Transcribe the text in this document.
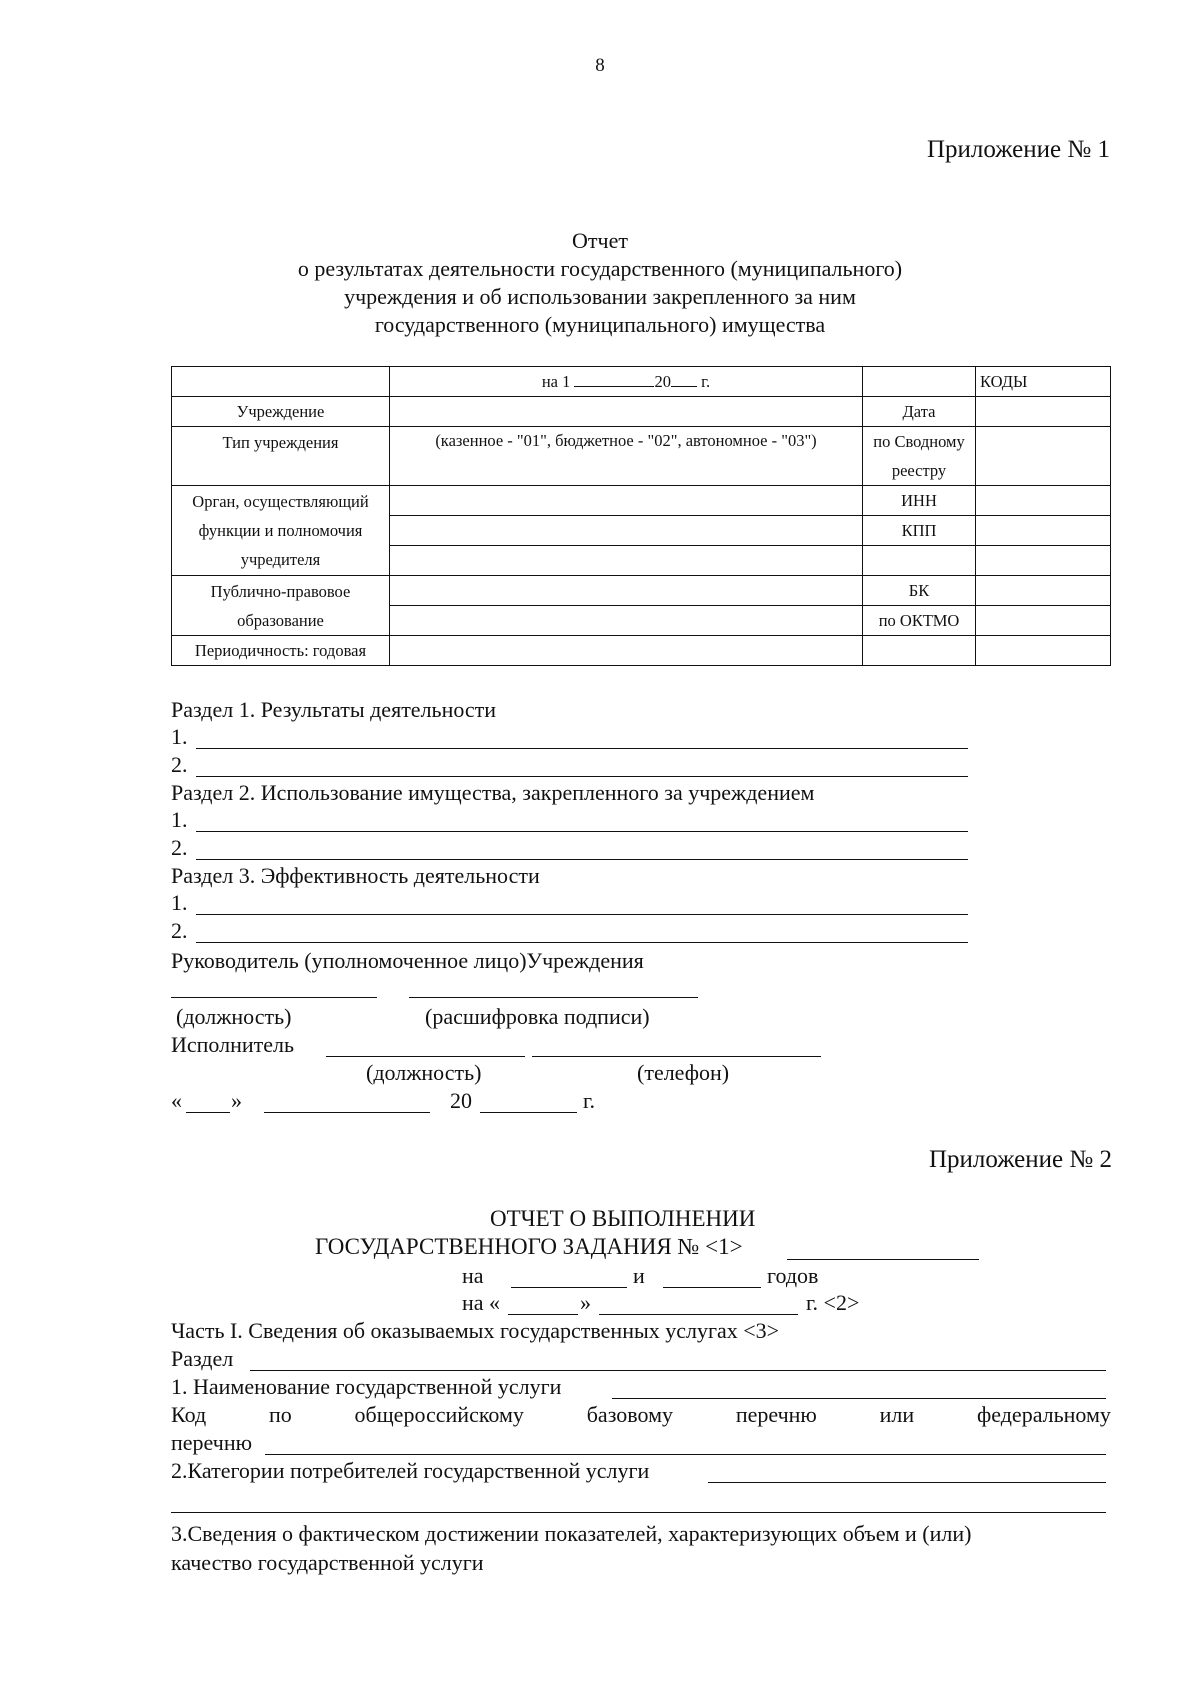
8
Приложение № 1
Отчет
о результатах деятельности государственного (муниципального)
учреждения и об использовании закрепленного за ним
государственного (муниципального) имущества
	на 1 20 г.		КОДЫ
Учреждение		Дата	
Тип учреждения	(казенное - "01", бюджетное - "02", автономное - "03")	по Сводному
реестру	
Орган, осуществляющий
функции и полномочия
учредителя		ИНН	
		КПП	

Публично-правовое
образование		БК	
		по ОКТМО	
Периодичность: годовая			
Раздел 1. Результаты деятельности
1.
2.
Раздел 2. Использование имущества, закрепленного за учреждением
1.
2.
Раздел 3. Эффективность деятельности
1.
2.
Руководитель (уполномоченное лицо)Учреждения
(должность)	(расшифровка подписи)
Исполнитель
(должность)	(телефон)
« »	20	г.
Приложение № 2
ОТЧЕТ О ВЫПОЛНЕНИИ
ГОСУДАРСТВЕННОГО ЗАДАНИЯ № <1>
на	и	годов
на «	»	г. <2>
Часть I. Сведения об оказываемых государственных услугах <3>
Раздел
1. Наименование государственной услуги
Код	по	общероссийскому	базовому	перечню	или	федеральному
перечню
2.Категории потребителей государственной услуги
3.Сведения о фактическом достижении показателей, характеризующих объем и (или)
качество государственной услуги
